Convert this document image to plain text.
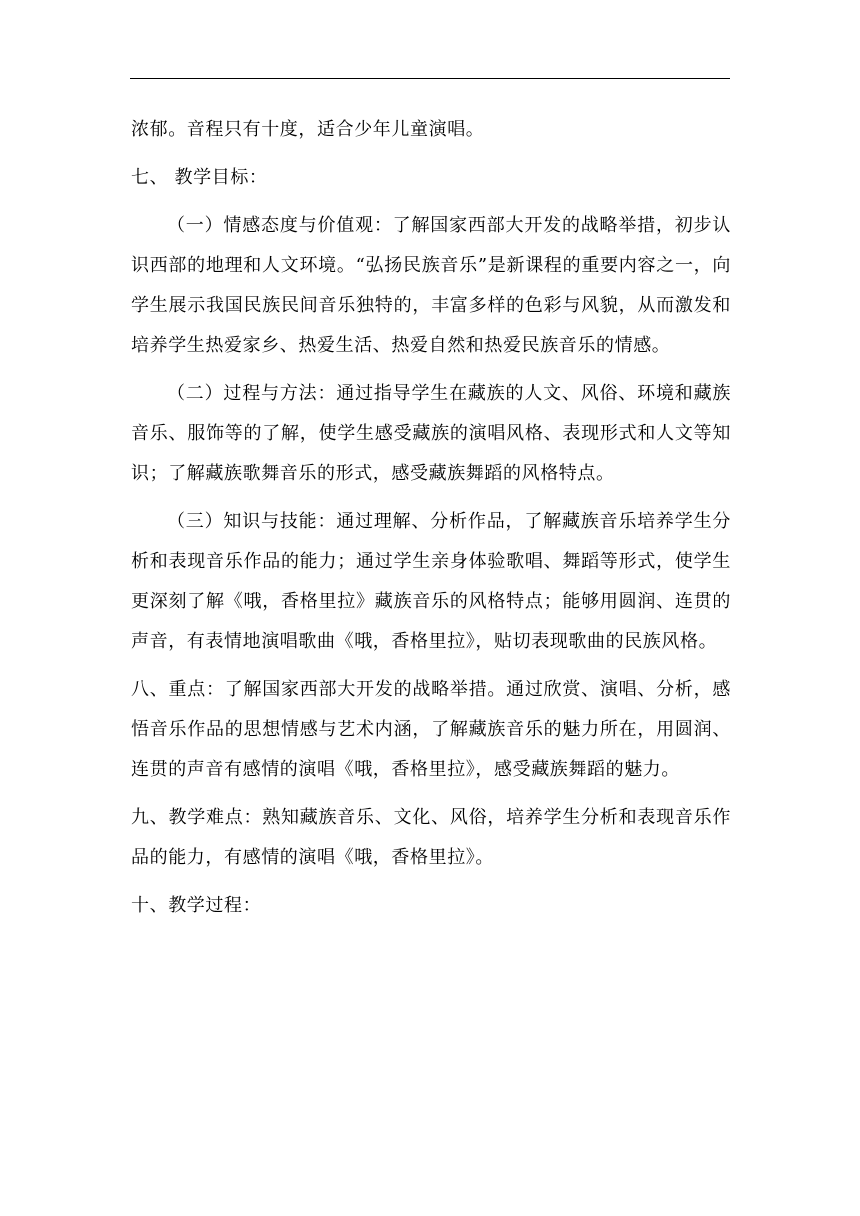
浓郁。音程只有十度，适合少年儿童演唱。

七、 教学目标：

（一）情感态度与价值观：了解国家西部大开发的战略举措，初步认识西部的地理和人文环境。“弘扬民族音乐”是新课程的重要内容之一，向学生展示我国民族民间音乐独特的，丰富多样的色彩与风貌，从而激发和培养学生热爱家乡、热爱生活、热爱自然和热爱民族音乐的情感。

（二）过程与方法：通过指导学生在藏族的人文、风俗、环境和藏族音乐、服饰等的了解，使学生感受藏族的演唱风格、表现形式和人文等知识；了解藏族歌舞音乐的形式，感受藏族舞蹈的风格特点。

（三）知识与技能：通过理解、分析作品，了解藏族音乐培养学生分析和表现音乐作品的能力；通过学生亲身体验歌唱、舞蹈等形式，使学生更深刻了解《哦，香格里拉》藏族音乐的风格特点；能够用圆润、连贯的声音，有表情地演唱歌曲《哦，香格里拉》，贴切表现歌曲的民族风格。

八、重点：了解国家西部大开发的战略举措。通过欣赏、演唱、分析，感悟音乐作品的思想情感与艺术内涵，了解藏族音乐的魅力所在，用圆润、连贯的声音有感情的演唱《哦，香格里拉》，感受藏族舞蹈的魅力。

九、教学难点：熟知藏族音乐、文化、风俗，培养学生分析和表现音乐作品的能力，有感情的演唱《哦，香格里拉》。

十、教学过程：
